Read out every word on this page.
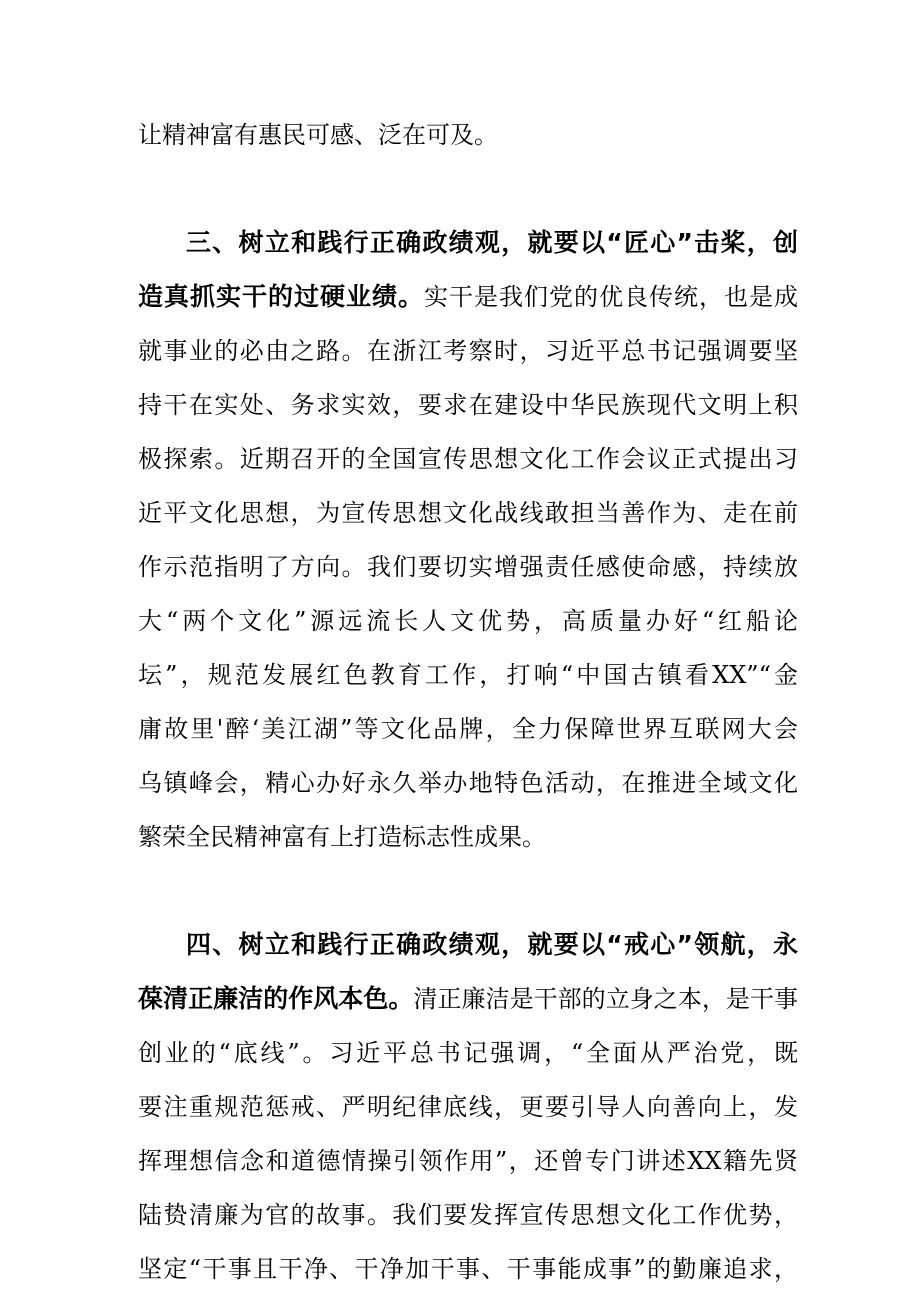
让精神富有惠民可感、泛在可及。
三、树立和践行正确政绩观，就要以“匠心”击桨，创
造真抓实干的过硬业绩。实干是我们党的优良传统，也是成
就事业的必由之路。在浙江考察时，习近平总书记强调要坚
持干在实处、务求实效，要求在建设中华民族现代文明上积
极探索。近期召开的全国宣传思想文化工作会议正式提出习
近平文化思想，为宣传思想文化战线敢担当善作为、走在前
作示范指明了方向。我们要切实增强责任感使命感，持续放
大“两个文化”源远流长人文优势，高质量办好“红船论
坛”，规范发展红色教育工作，打响“中国古镇看XX”“金
庸故里'醉‘美江湖”等文化品牌，全力保障世界互联网大会
乌镇峰会，精心办好永久举办地特色活动，在推进全域文化
繁荣全民精神富有上打造标志性成果。
四、树立和践行正确政绩观，就要以“戒心”领航，永
葆清正廉洁的作风本色。清正廉洁是干部的立身之本，是干事
创业的“底线”。习近平总书记强调，“全面从严治党，既
要注重规范惩戒、严明纪律底线，更要引导人向善向上，发
挥理想信念和道德情操引领作用”，还曾专门讲述XX籍先贤
陆贽清廉为官的故事。我们要发挥宣传思想文化工作优势，
坚定“干事且干净、干净加干事、干事能成事”的勤廉追求，
